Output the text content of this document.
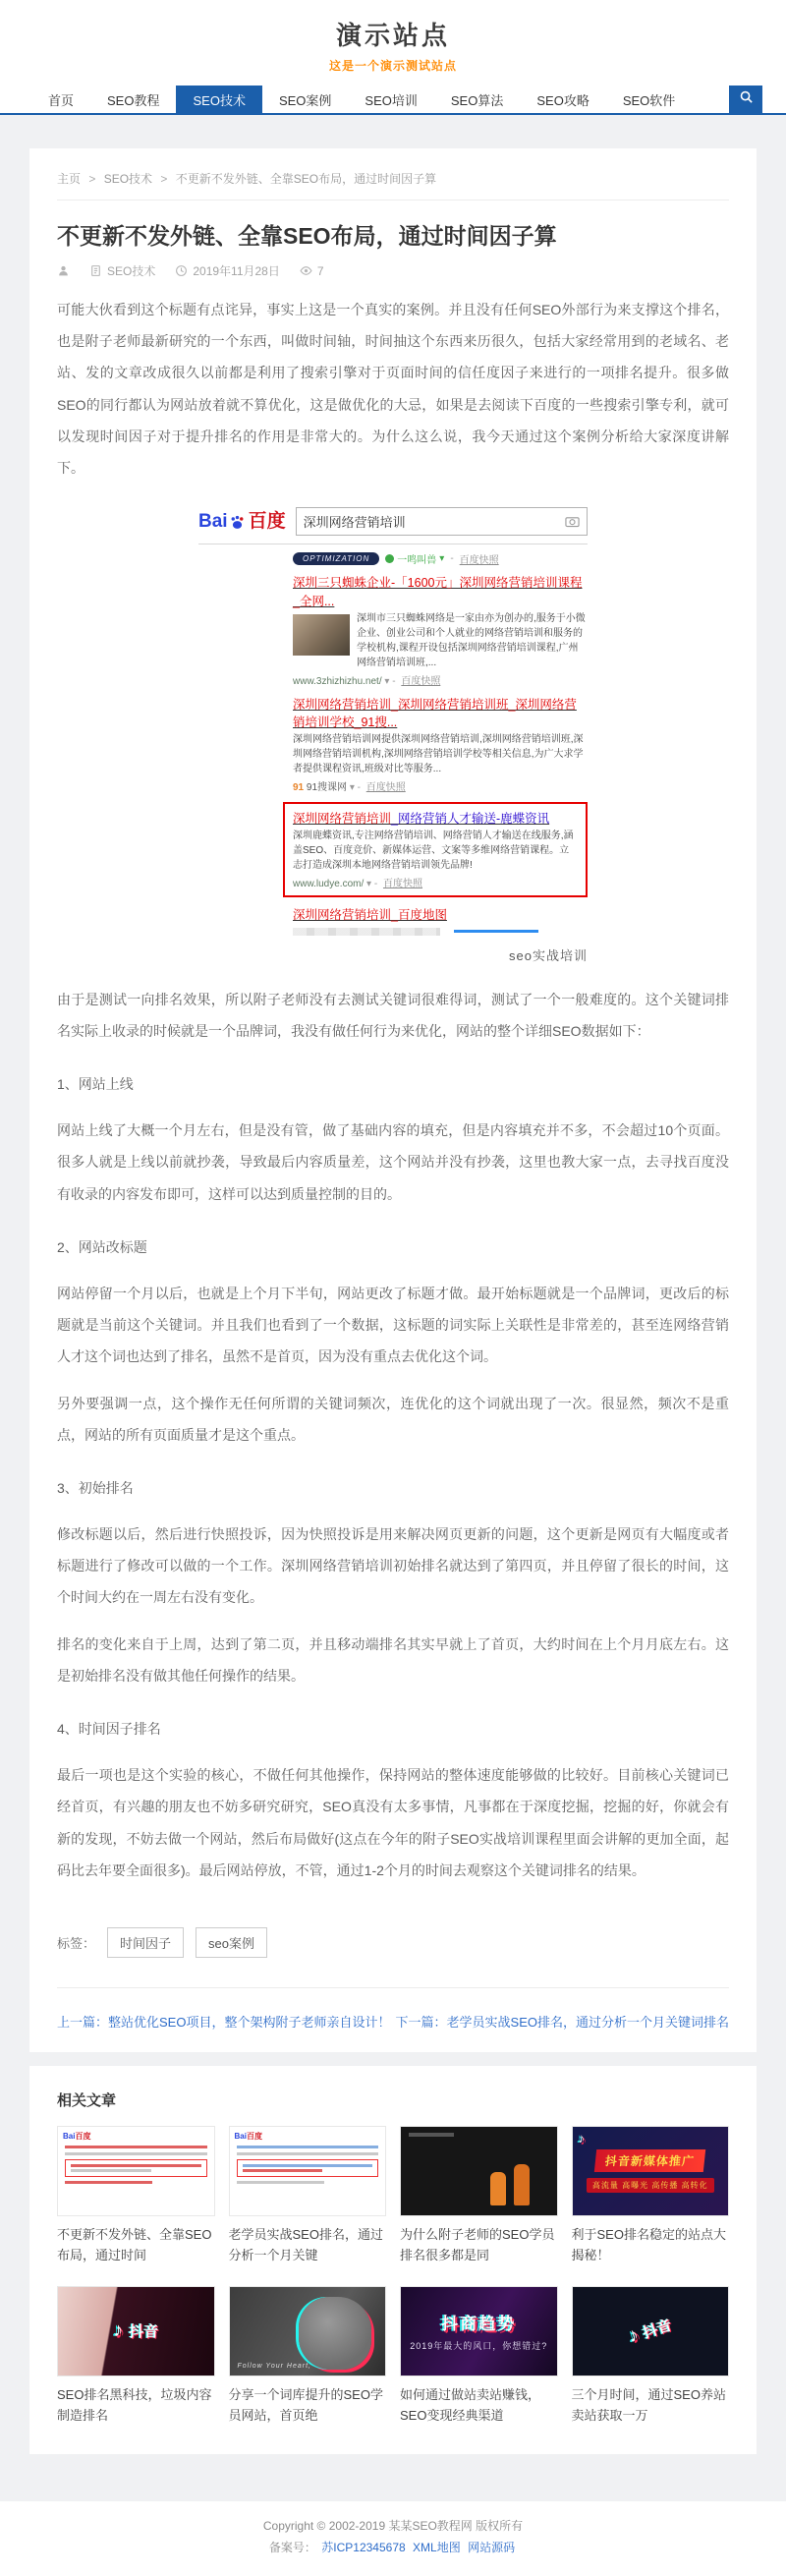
演示站点
这是一个演示测试站点
首页	SEO教程	SEO技术	SEO案例	SEO培训	SEO算法	SEO攻略	SEO软件
主页 > SEO技术 > 不更新不发外链、全靠SEO布局，通过时间因子算
不更新不发外链、全靠SEO布局，通过时间因子算
SEO技术	2019年11月28日	7

可能大伙看到这个标题有点诧异，事实上这是一个真实的案例。并且没有任何SEO外部行为来支撑这个排名，也是附子老师最新研究的一个东西，叫做时间轴，时间抽这个东西来历很久，包括大家经常用到的老域名、老站、发的文章改成很久以前都是利用了搜索引擎对于页面时间的信任度因子来进行的一项排名提升。很多做SEO的同行都认为网站放着就不算优化，这是做优化的大忌，如果是去阅读下百度的一些搜索引擎专利，就可以发现时间因子对于提升排名的作用是非常大的。为什么这么说，我今天通过这个案例分析给大家深度讲解下。

Bai 百度 深圳网络营销培训
OPTIMIZATION	一鸣叫兽 ▾ - 百度快照
深圳三只蜘蛛企业-「1600元」深圳网络营销培训课程_全网...
深圳市三只蜘蛛网络是一家由亦为创办的,服务于小微企业、创业公司和个人就业的网络营销培训和服务的学校机构,课程开设包括深圳网络营销培训课程,广州网络营销培训班,...
www.3zhizhizhu.net/ ▾ - 百度快照
深圳网络营销培训_深圳网络营销培训班_深圳网络营销培训学校_91搜...
深圳网络营销培训网提供深圳网络营销培训,深圳网络营销培训班,深圳网络营销培训机构,深圳网络营销培训学校等相关信息,为广大求学者提供课程资讯,班级对比等服务...
91 91搜课网 ▾ - 百度快照
深圳网络营销培训_网络营销人才输送-鹿蝶资讯
深圳鹿蝶资讯,专注网络营销培训、网络营销人才输送在线服务,涵盖SEO、百度竞价、新媒体运营、文案等多维网络营销课程。立志打造成深圳本地网络营销培训领先品牌!
www.ludye.com/ ▾ - 百度快照
深圳网络营销培训_百度地图
seo实战培训

由于是测试一向排名效果，所以附子老师没有去测试关键词很难得词，测试了一个一般难度的。这个关键词排名实际上收录的时候就是一个品牌词，我没有做任何行为来优化，网站的整个详细SEO数据如下：

1、网站上线

网站上线了大概一个月左右，但是没有管，做了基础内容的填充，但是内容填充并不多，不会超过10个页面。很多人就是上线以前就抄袭，导致最后内容质量差，这个网站并没有抄袭，这里也教大家一点，去寻找百度没有收录的内容发布即可，这样可以达到质量控制的目的。

2、网站改标题

网站停留一个月以后，也就是上个月下半旬，网站更改了标题才做。最开始标题就是一个品牌词，更改后的标题就是当前这个关键词。并且我们也看到了一个数据，这标题的词实际上关联性是非常差的，甚至连网络营销人才这个词也达到了排名，虽然不是首页，因为没有重点去优化这个词。

另外要强调一点，这个操作无任何所谓的关键词频次，连优化的这个词就出现了一次。很显然，频次不是重点，网站的所有页面质量才是这个重点。

3、初始排名

修改标题以后，然后进行快照投诉，因为快照投诉是用来解决网页更新的问题，这个更新是网页有大幅度或者标题进行了修改可以做的一个工作。深圳网络营销培训初始排名就达到了第四页，并且停留了很长的时间，这个时间大约在一周左右没有变化。

排名的变化来自于上周，达到了第二页，并且移动端排名其实早就上了首页，大约时间在上个月月底左右。这是初始排名没有做其他任何操作的结果。

4、时间因子排名

最后一项也是这个实验的核心，不做任何其他操作，保持网站的整体速度能够做的比较好。目前核心关键词已经首页，有兴趣的朋友也不妨多研究研究，SEO真没有太多事情，凡事都在于深度挖掘，挖掘的好，你就会有新的发现，不妨去做一个网站，然后布局做好(这点在今年的附子SEO实战培训课程里面会讲解的更加全面，起码比去年要全面很多)。最后网站停放，不管，通过1-2个月的时间去观察这个关键词排名的结果。

标签：	时间因子	seo案例
上一篇：整站优化SEO项目，整个架构附子老师亲自设计！ 下一篇：老学员实战SEO排名，通过分析一个月关键词排名
相关文章
Bai百度
不更新不发外链、全靠SEO布局，通过时间
Bai百度
老学员实战SEO排名，通过分析一个月关键
为什么附子老师的SEO学员排名很多都是同
♪
抖音新媒体推广
高流量 高曝光 高传播 高转化
利于SEO排名稳定的站点大揭秘！
♪ 抖音
SEO排名黑科技，垃圾内容制造排名
Follow Your Heart,
分享一个词库提升的SEO学员网站，首页绝
抖商趋势
2019年最大的风口，你想错过?
如何通过做站卖站赚钱，SEO变现经典渠道
♪ 抖音
三个月时间，通过SEO养站卖站获取一万
Copyright © 2002-2019 某某SEO教程网 版权所有
备案号： 苏ICP12345678 XML地图 网站源码
